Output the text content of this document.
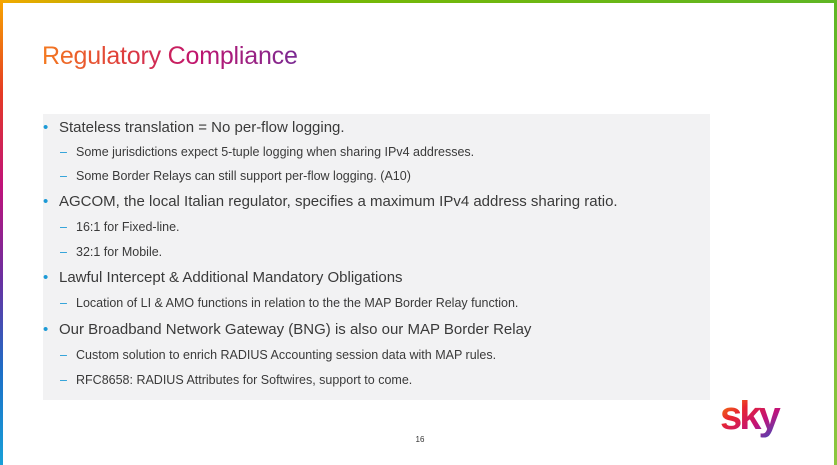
Regulatory Compliance
• Stateless translation = No per-flow logging.
– Some jurisdictions expect 5-tuple logging when sharing IPv4 addresses.
– Some Border Relays can still support per-flow logging. (A10)
• AGCOM, the local Italian regulator, specifies a maximum IPv4 address sharing ratio.
– 16:1 for Fixed-line.
– 32:1 for Mobile.
• Lawful Intercept & Additional Mandatory Obligations
– Location of LI & AMO functions in relation to the the MAP Border Relay function.
• Our Broadband Network Gateway (BNG) is also our MAP Border Relay
– Custom solution to enrich RADIUS Accounting session data with MAP rules.
– RFC8658: RADIUS Attributes for Softwires, support to come.
16
sky
